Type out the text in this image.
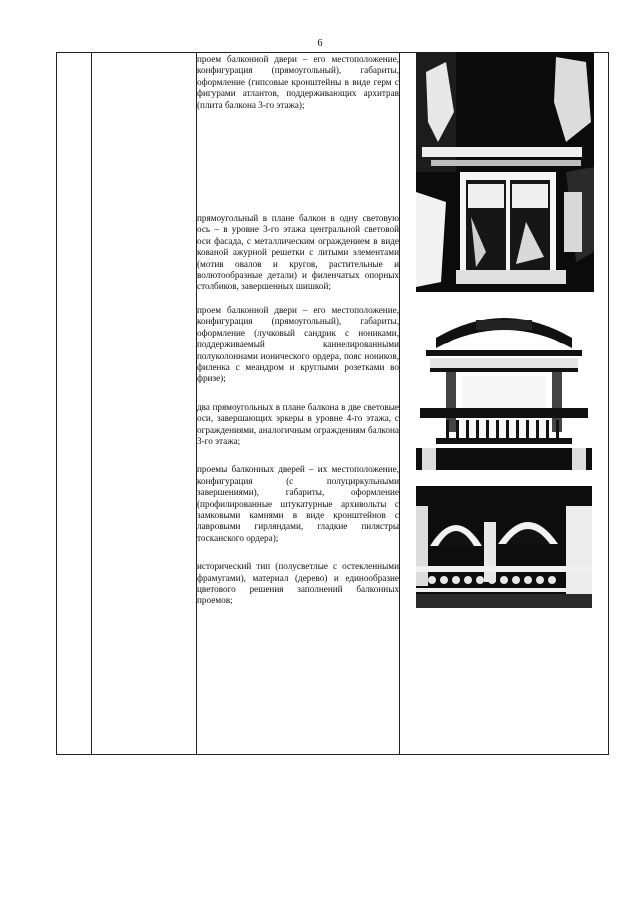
6

проем балконной двери – его местоположение, конфигурация (прямоугольный), габариты, оформление (гипсовые кронштейны в виде герм с фигурами атлантов, поддерживающих архитрав (плита балкона 3-го этажа);

прямоугольный в плане балкон в одну световую ось – в уровне 3-го этажа центральной световой оси фасада, с металлическим ограждением в виде кованой ажурной решетки с литыми элементами (мотив овалов и кругов, растительные и волютообразные детали) и филенчатых опорных столбиков, завершенных шишкой;

проем балконной двери – его местоположение, конфигурация (прямоугольный), габариты, оформление (лучковый сандрик с нониками, поддерживаемый каннелированными полуколоннами ионического ордера, пояс ноников, филенка с меандром и круглыми розетками во фризе);

два прямоугольных в плане балкона в две световые оси, завершающих эркеры в уровне 4-го этажа, с ограждениями, аналогичным ограждениям балкона 3-го этажа;

проемы балконных дверей – их местоположение, конфигурация (с полуциркульными завершениями), габариты, оформление (профилированные штукатурные архивольты с замковыми камнями в виде кронштейнов с лавровыми гирляндами, гладкие пилястры тосканского ордера);

исторический тип (полусветлые с остекленными фрамугами), материал (дерево) и единообразие цветового решения заполнений балконных проемов;
